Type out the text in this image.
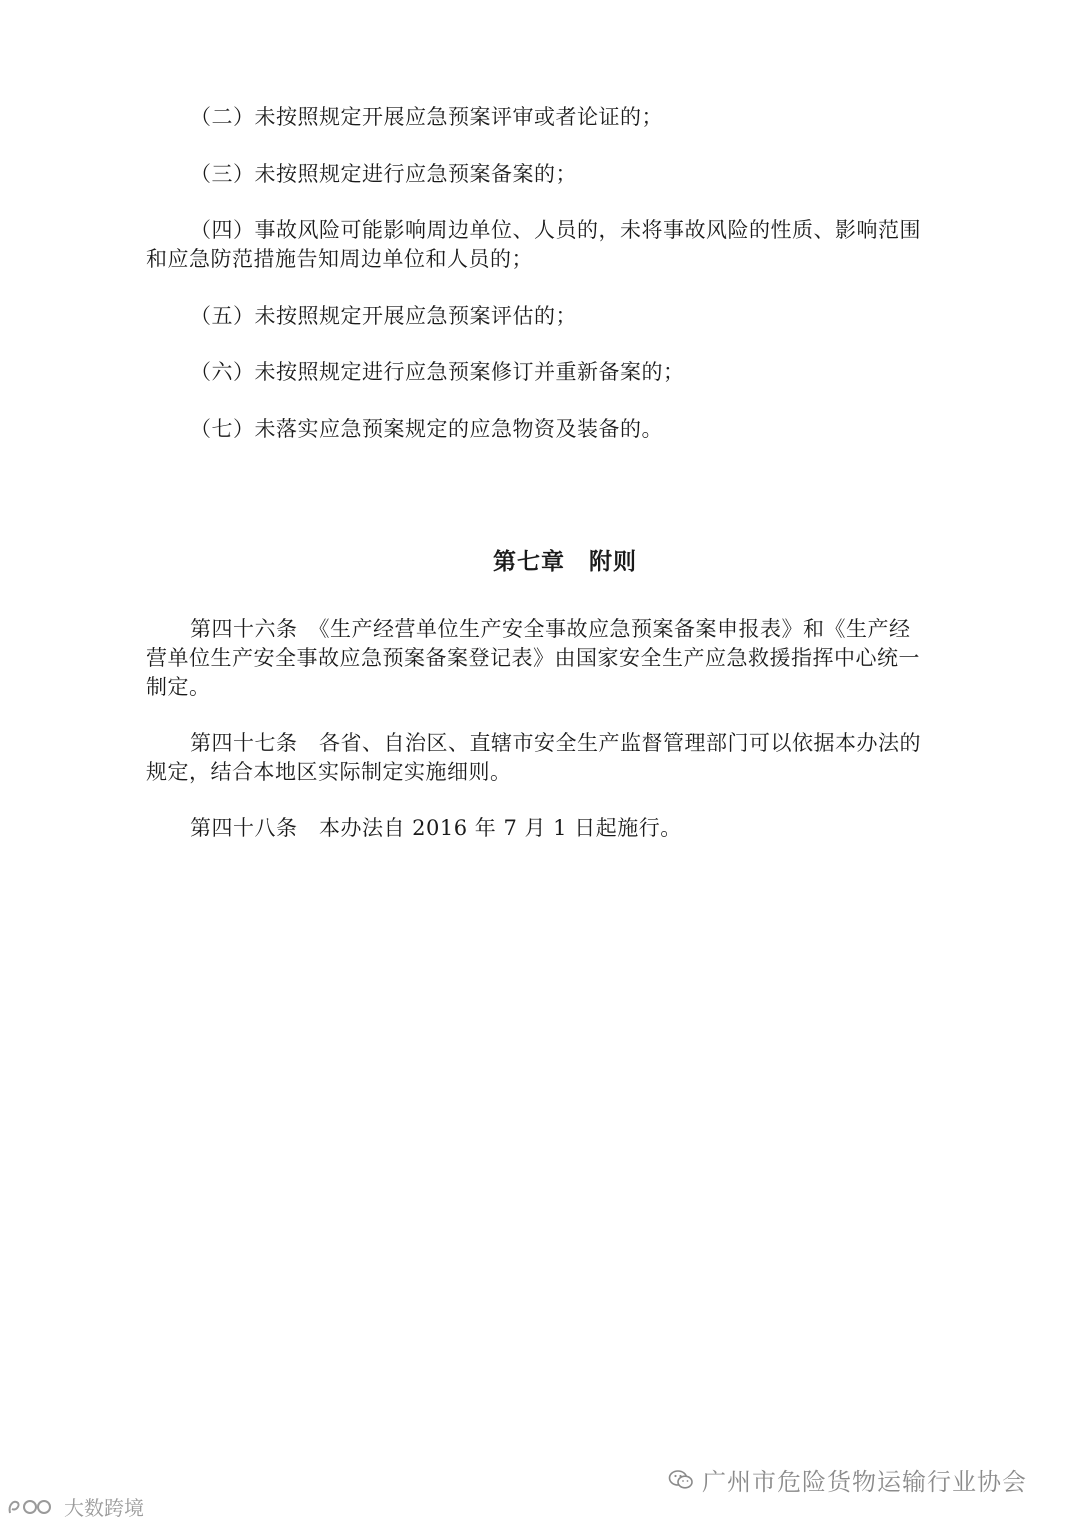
（二）未按照规定开展应急预案评审或者论证的；
（三）未按照规定进行应急预案备案的；
（四）事故风险可能影响周边单位、人员的，未将事故风险的性质、影响范围
和应急防范措施告知周边单位和人员的；
（五）未按照规定开展应急预案评估的；
（六）未按照规定进行应急预案修订并重新备案的；
（七）未落实应急预案规定的应急物资及装备的。
第七章　附则
第四十六条　《生产经营单位生产安全事故应急预案备案申报表》和《生产经
营单位生产安全事故应急预案备案登记表》由国家安全生产应急救援指挥中心统一
制定。
第四十七条　各省、自治区、直辖市安全生产监督管理部门可以依据本办法的
规定，结合本地区实际制定实施细则。
第四十八条　本办法自 2016 年 7 月 1 日起施行。
广州市危险货物运输行业协会
大数跨境
